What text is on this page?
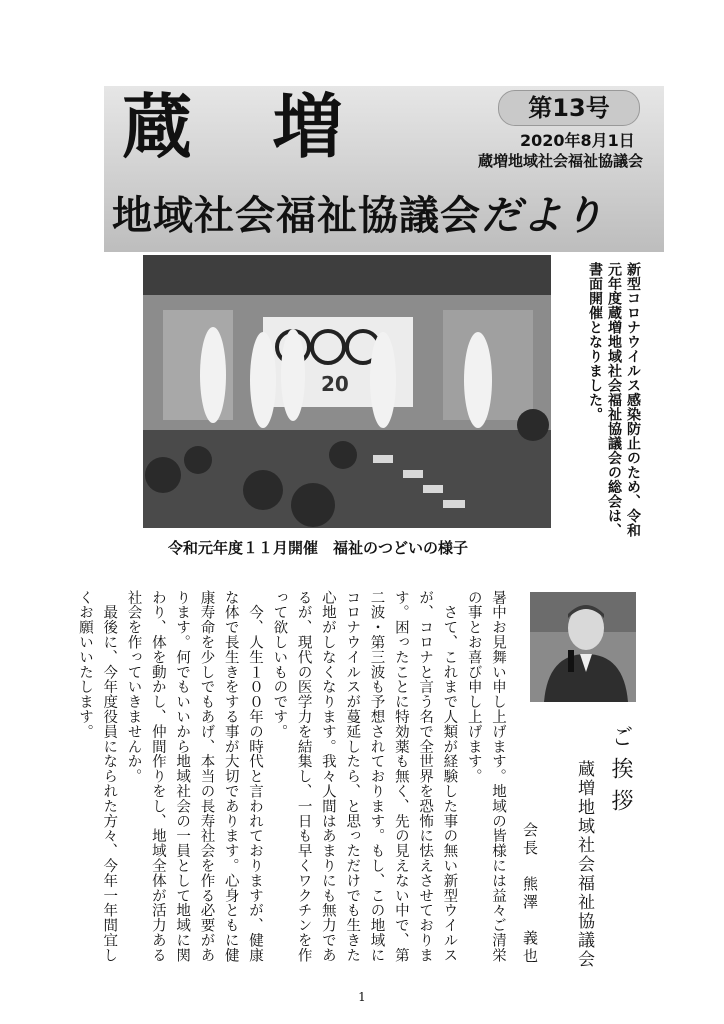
蔵 増	第13号
2020年8月1日
蔵増地域社会福祉協議会
地域社会福祉協議会だより
20
令和元年度１１月開催　福祉のつどいの様子
新型コロナウイルス感染防止のため、令和元年度蔵増地域社会福祉協議会の総会は、書面開催となりました。
ご挨拶
蔵増地域社会福祉協議会
会長　熊澤　義也

暑中お見舞い申し上げます。地域の皆様には益々ご清栄の事とお喜び申し上げます。

　さて、これまで人類が経験した事の無い新型ウイルスが、コロナと言う名で全世界を恐怖に怯えさせております。困ったことに特効薬も無く、先の見えない中で、第二波・第三波も予想されております。もし、この地域にコロナウイルスが蔓延したら、と思っただけでも生きた心地がしなくなります。我々人間はあまりにも無力であるが、現代の医学力を結集し、一日も早くワクチンを作って欲しいものです。

　今、人生１００年の時代と言われておりますが、健康な体で長生きをする事が大切であります。心身ともに健康寿命を少しでもあげ、本当の長寿社会を作る必要があります。何でもいいから地域社会の一員として地域に関わり、体を動かし、仲間作りをし、地域全体が活力ある社会を作っていきませんか。

　最後に、今年度役員になられた方々、今年一年間宜しくお願いいたします。

1
